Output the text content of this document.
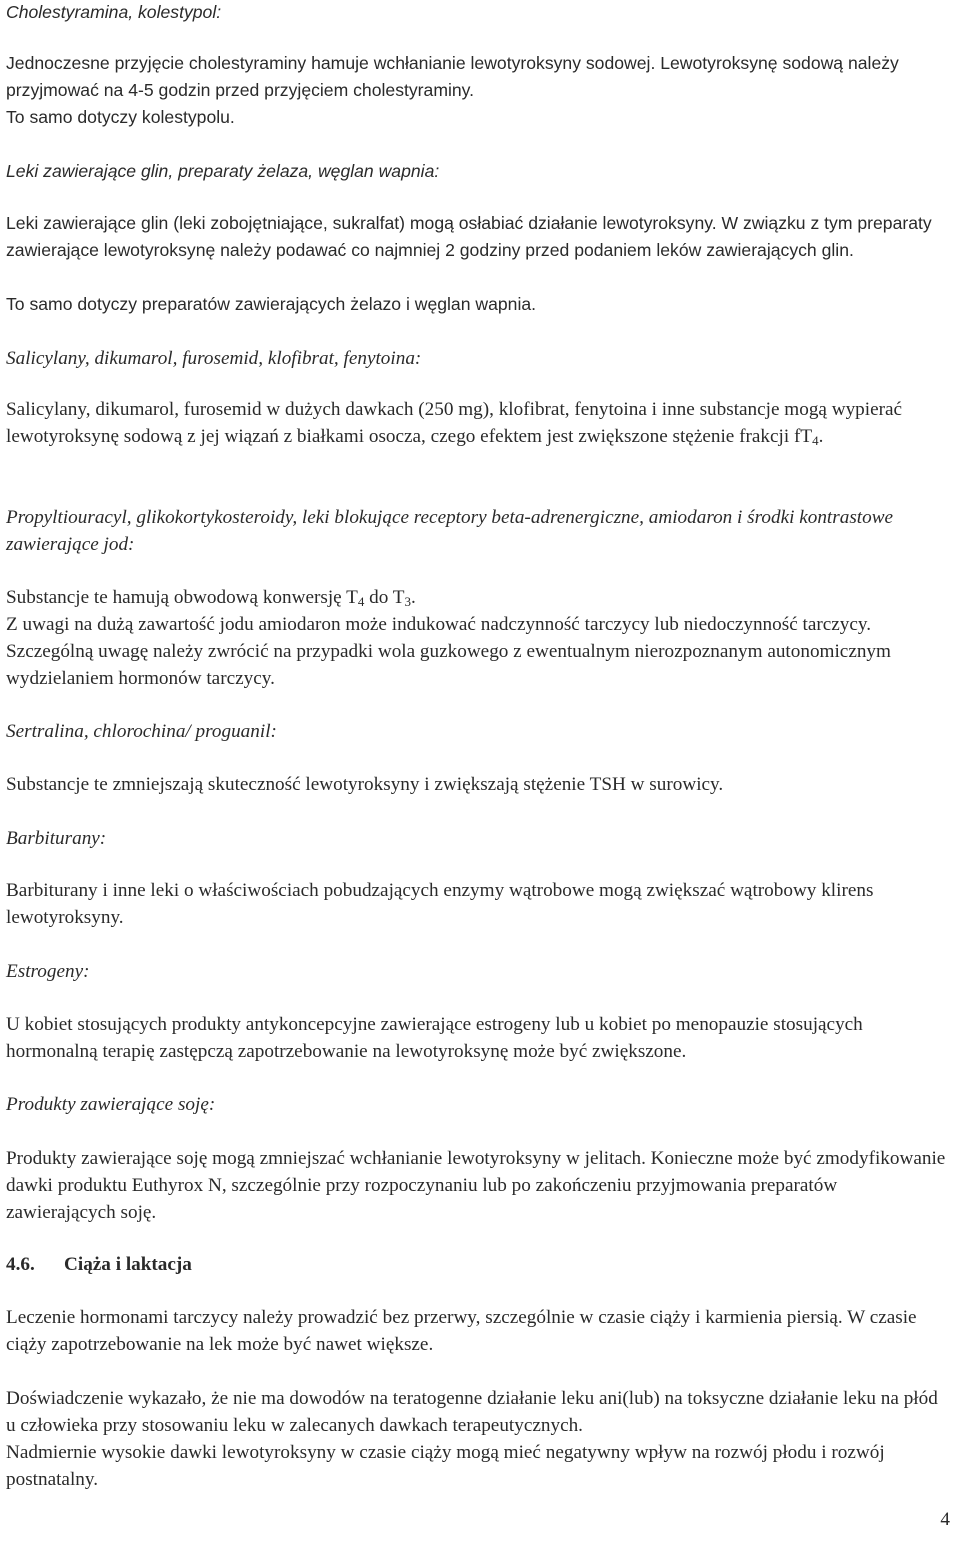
Cholestyramina, kolestypol:

Jednoczesne przyjęcie cholestyraminy hamuje wchłanianie lewotyroksyny sodowej. Lewotyroksynę sodową należy przyjmować na 4-5 godzin przed przyjęciem cholestyraminy.

To samo dotyczy kolestypolu.

Leki zawierające glin, preparaty żelaza, węglan wapnia:

Leki zawierające glin (leki zobojętniające, sukralfat) mogą osłabiać działanie lewotyroksyny. W związku z tym preparaty zawierające lewotyroksynę należy podawać co najmniej 2 godziny przed podaniem leków zawierających glin.

To samo dotyczy preparatów zawierających żelazo i węglan wapnia.

Salicylany, dikumarol, furosemid, klofibrat, fenytoina:

Salicylany, dikumarol, furosemid w dużych dawkach (250 mg), klofibrat, fenytoina i inne substancje mogą wypierać lewotyroksynę sodową z jej wiązań z białkami osocza, czego efektem jest zwiększone stężenie frakcji $fT_4$.

Propyltiouracyl, glikokortykosteroidy, leki blokujące receptory beta-adrenergiczne, amiodaron i środki kontrastowe zawierające jod:

Substancje te hamują obwodową konwersję $T_4$ do $T_3$.

Z uwagi na dużą zawartość jodu amiodaron może indukować nadczynność tarczycy lub niedoczynność tarczycy. Szczególną uwagę należy zwrócić na przypadki wola guzkowego z ewentualnym nierozpoznanym autonomicznym wydzielaniem hormonów tarczycy.

Sertralina, chlorochina/ proguanil:

Substancje te zmniejszają skuteczność lewotyroksyny i zwiększają stężenie TSH w surowicy.

Barbiturany:

Barbiturany i inne leki o właściwościach pobudzających enzymy wątrobowe mogą zwiększać wątrobowy klirens lewotyroksyny.

Estrogeny:

U kobiet stosujących produkty antykoncepcyjne zawierające estrogeny lub u kobiet po menopauzie stosujących hormonalną terapię zastępczą zapotrzebowanie na lewotyroksynę może być zwiększone.

Produkty zawierające soję:

Produkty zawierające soję mogą zmniejszać wchłanianie lewotyroksyny w jelitach. Konieczne może być zmodyfikowanie dawki produktu Euthyrox N, szczególnie przy rozpoczynaniu lub po zakończeniu przyjmowania preparatów zawierających soję.

4.6. Ciąża i laktacja

Leczenie hormonami tarczycy należy prowadzić bez przerwy, szczególnie w czasie ciąży i karmienia piersią. W czasie ciąży zapotrzebowanie na lek może być nawet większe.

Doświadczenie wykazało, że nie ma dowodów na teratogenne działanie leku ani(lub) na toksyczne działanie leku na płód u człowieka przy stosowaniu leku w zalecanych dawkach terapeutycznych.

Nadmiernie wysokie dawki lewotyroksyny w czasie ciąży mogą mieć negatywny wpływ na rozwój płodu i rozwój postnatalny.

4
